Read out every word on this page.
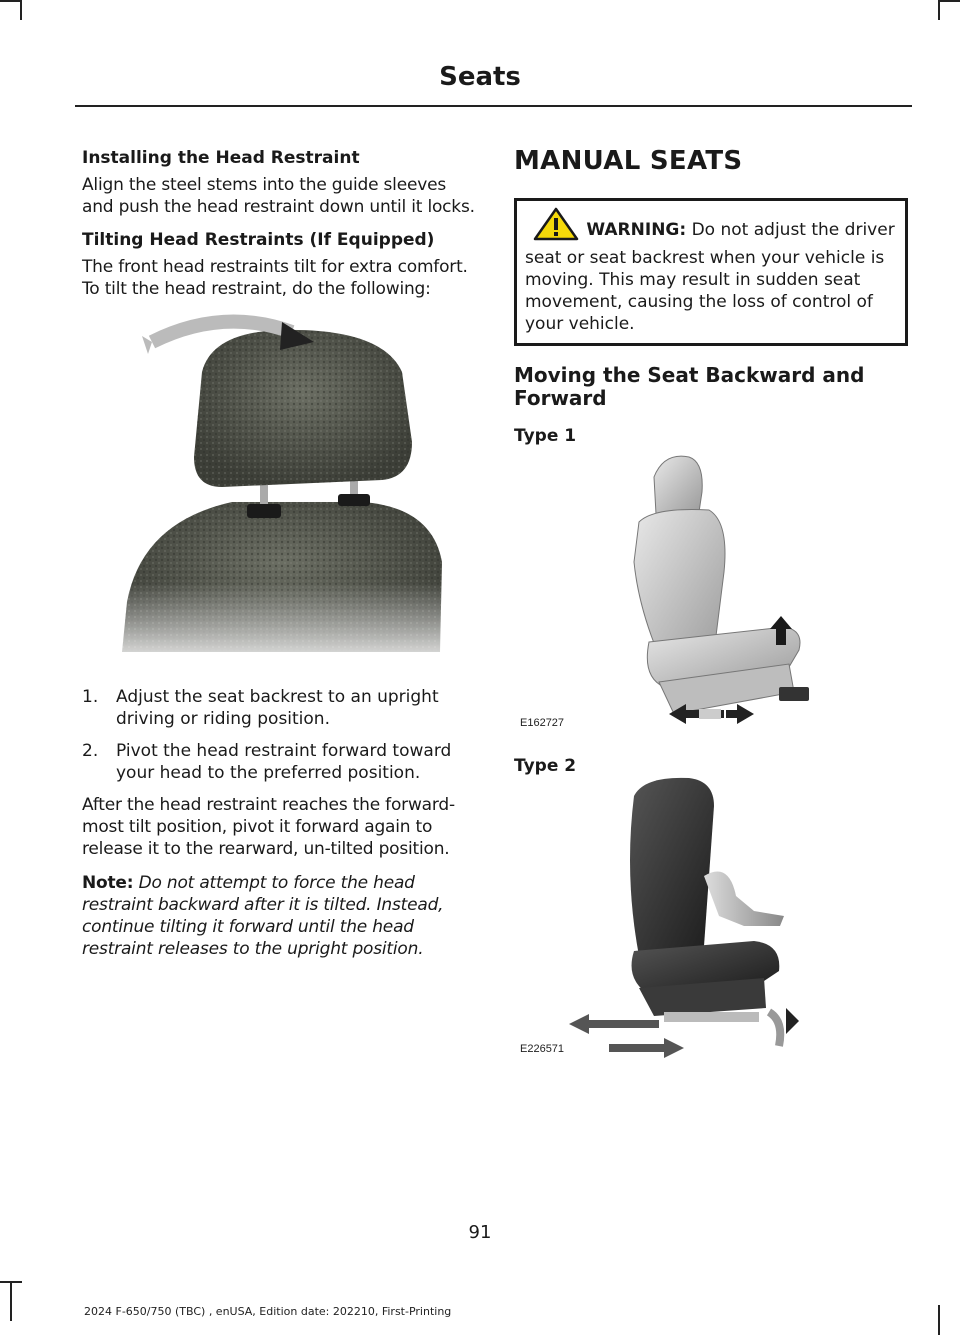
Seats
Installing the Head Restraint

Align the steel stems into the guide sleeves and push the head restraint down until it locks.

Tilting Head Restraints (If Equipped)

The front head restraints tilt for extra comfort. To tilt the head restraint, do the following:

1. Adjust the seat backrest to an upright driving or riding position.
2. Pivot the head restraint forward toward your head to the preferred position.

After the head restraint reaches the forward-most tilt position, pivot it forward again to release it to the rearward, un-tilted position.

Note: Do not attempt to force the head restraint backward after it is tilted. Instead, continue tilting it forward until the head restraint releases to the upright position.

MANUAL SEATS
WARNING: Do not adjust the driver seat or seat backrest when your vehicle is moving. This may result in sudden seat movement, causing the loss of control of your vehicle.
Moving the Seat Backward and Forward
Type 1
E162727
Type 2
E226571
91
2024 F-650/750 (TBC) , enUSA, Edition date: 202210, First-Printing
